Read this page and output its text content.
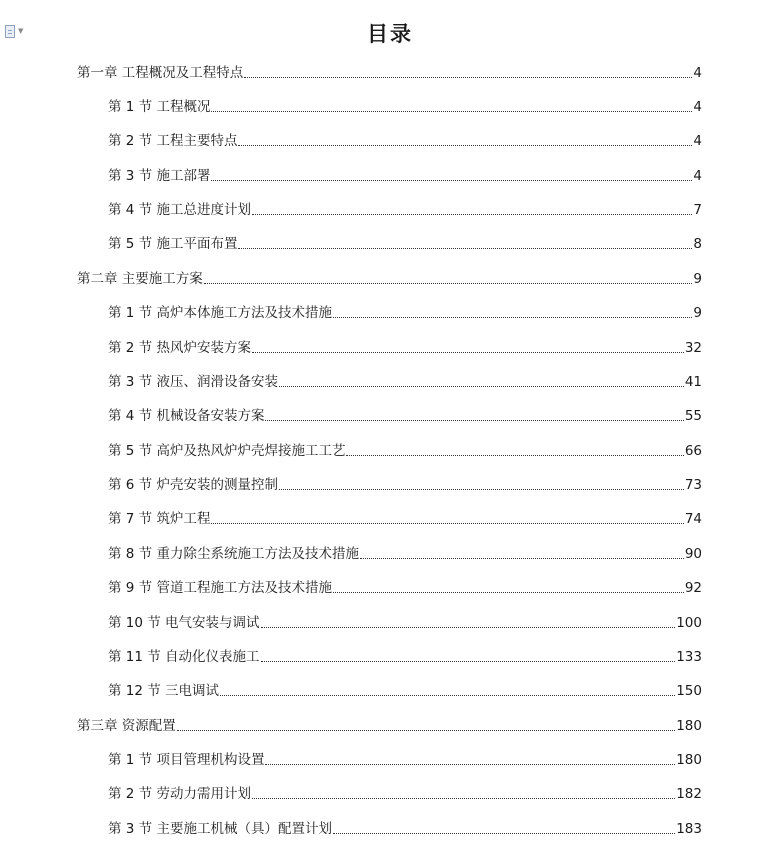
▼	目录
第一章 工程概况及工程特点	4
第 1 节 工程概况	4
第 2 节 工程主要特点	4
第 3 节 施工部署	4
第 4 节 施工总进度计划	7
第 5 节 施工平面布置	8
第二章 主要施工方案	9
第 1 节 高炉本体施工方法及技术措施	9
第 2 节 热风炉安装方案	32
第 3 节 液压、润滑设备安装	41
第 4 节 机械设备安装方案	55
第 5 节 高炉及热风炉炉壳焊接施工工艺	66
第 6 节 炉壳安装的测量控制	73
第 7 节 筑炉工程	74
第 8 节 重力除尘系统施工方法及技术措施	90
第 9 节 管道工程施工方法及技术措施	92
第 10 节 电气安装与调试	100
第 11 节 自动化仪表施工	133
第 12 节 三电调试	150
第三章 资源配置	180
第 1 节 项目管理机构设置	180
第 2 节 劳动力需用计划	182
第 3 节 主要施工机械（具）配置计划	183
